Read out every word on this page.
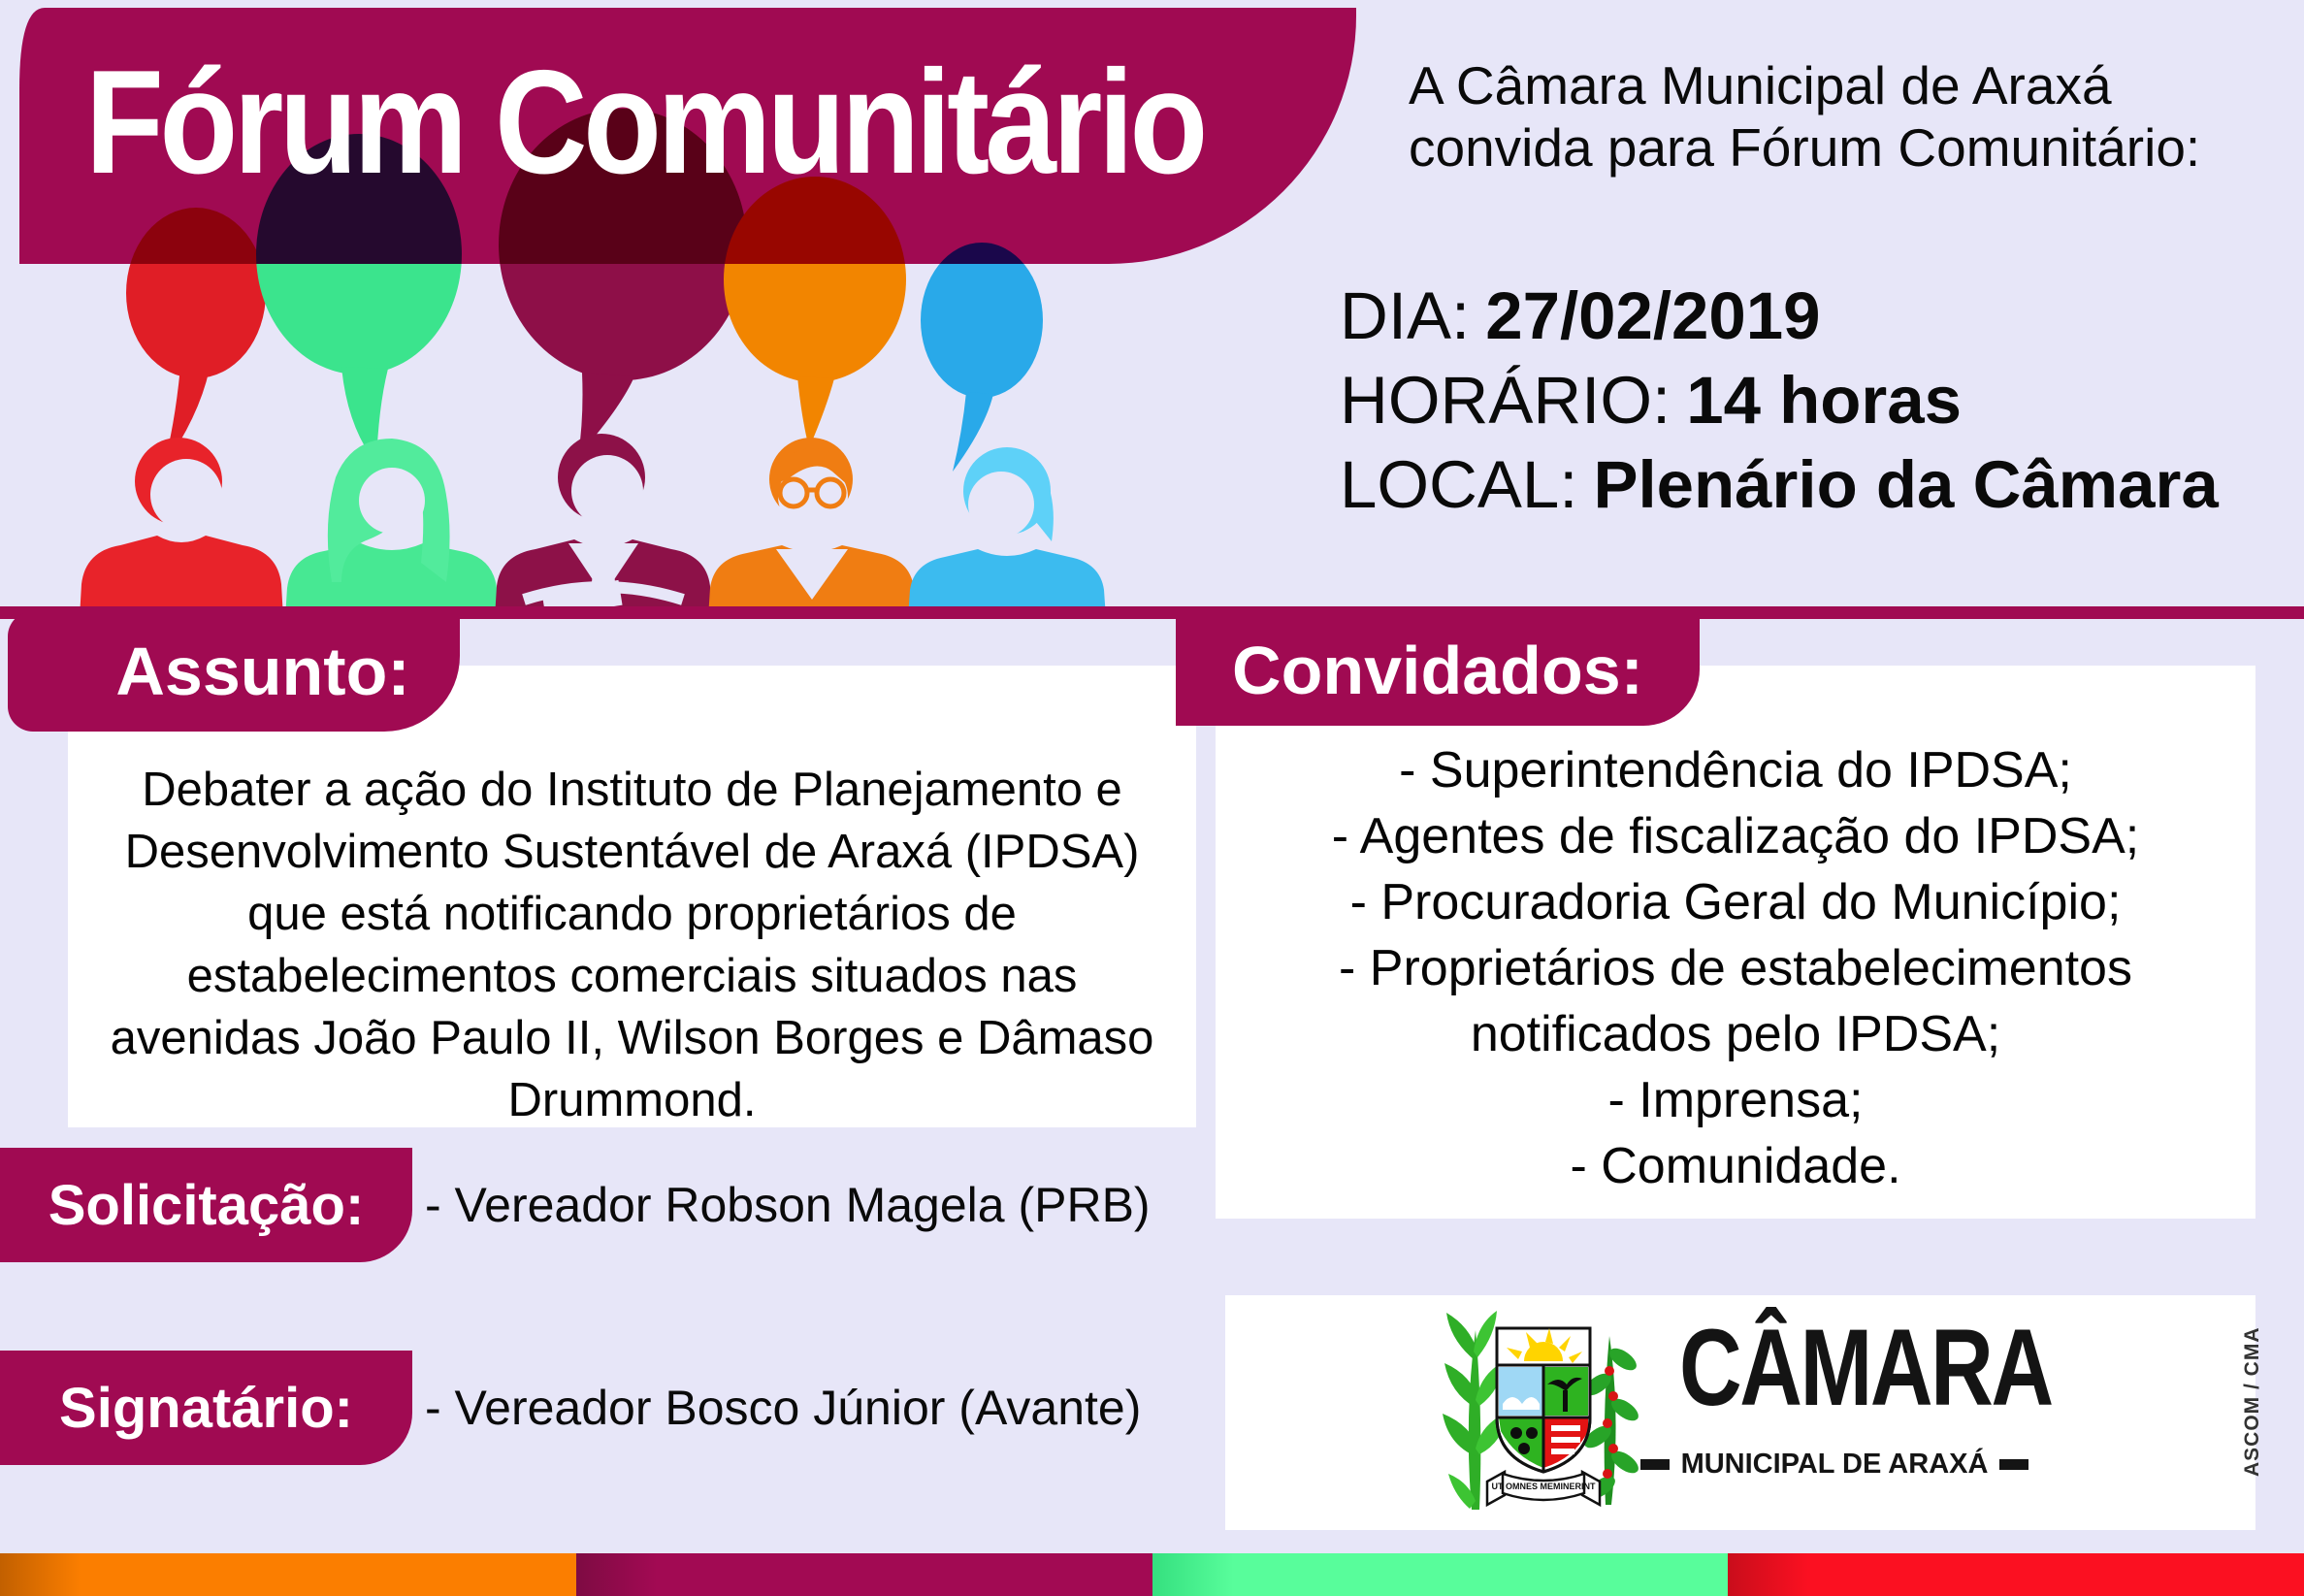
Fórum Comunitário	A Câmara Municipal de Araxá
convida para Fórum Comunitário:
DIA: 27/02/2019
HORÁRIO: 14 horas
LOCAL: Plenário da Câmara
Assunto:

Debater a ação do Instituto de Planejamento e Desenvolvimento Sustentável de Araxá (IPDSA) que está notificando proprietários de estabelecimentos comerciais situados nas avenidas João Paulo II, Wilson Borges e Dâmaso Drummond.

Convidados:
- Superintendência do IPDSA;
- Agentes de fiscalização do IPDSA;
- Procuradoria Geral do Município;
- Proprietários de estabelecimentos notificados pelo IPDSA;
- Imprensa;
- Comunidade.
Solicitação: - Vereador Robson Magela (PRB)
Signatário: - Vereador Bosco Júnior (Avante)
UT OMNES MEMINERINT
CÂMARA
MUNICIPAL DE ARAXÁ	ASCOM / CMA
